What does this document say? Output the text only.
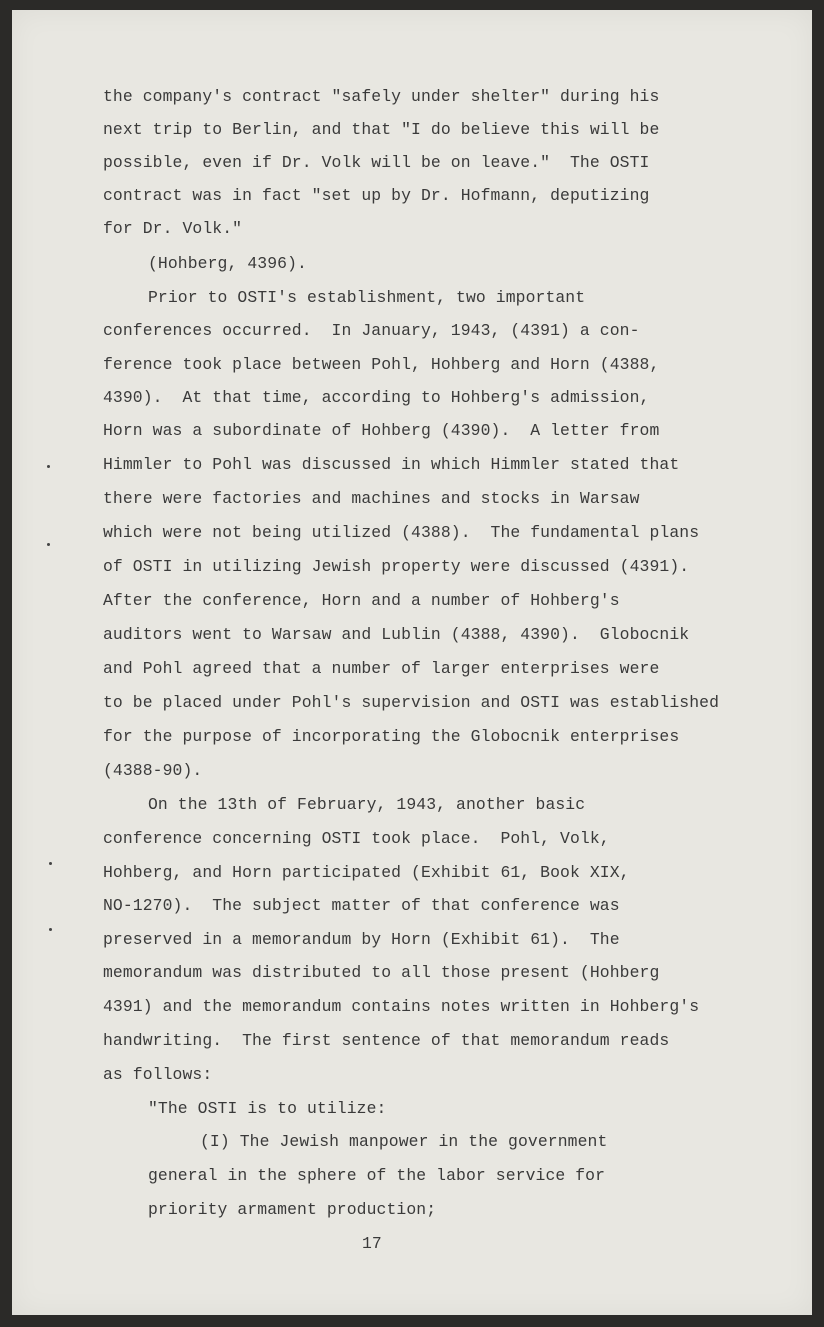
the company's contract "safely under shelter" during his
next trip to Berlin, and that "I do believe this will be
possible, even if Dr. Volk will be on leave."  The OSTI
contract was in fact "set up by Dr. Hofmann, deputizing
for Dr. Volk."
(Hohberg, 4396).
Prior to OSTI's establishment, two important
conferences occurred.  In January, 1943, (4391) a con-
ference took place between Pohl, Hohberg and Horn (4388,
4390).  At that time, according to Hohberg's admission,
Horn was a subordinate of Hohberg (4390).  A letter from
Himmler to Pohl was discussed in which Himmler stated that
there were factories and machines and stocks in Warsaw
which were not being utilized (4388).  The fundamental plans
of OSTI in utilizing Jewish property were discussed (4391).
After the conference, Horn and a number of Hohberg's
auditors went to Warsaw and Lublin (4388, 4390).  Globocnik
and Pohl agreed that a number of larger enterprises were
to be placed under Pohl's supervision and OSTI was established
for the purpose of incorporating the Globocnik enterprises
(4388-90).
On the 13th of February, 1943, another basic
conference concerning OSTI took place.  Pohl, Volk,
Hohberg, and Horn participated (Exhibit 61, Book XIX,
NO-1270).  The subject matter of that conference was
preserved in a memorandum by Horn (Exhibit 61).  The
memorandum was distributed to all those present (Hohberg
4391) and the memorandum contains notes written in Hohberg's
handwriting.  The first sentence of that memorandum reads
as follows:
"The OSTI is to utilize:
(I) The Jewish manpower in the government
general in the sphere of the labor service for
priority armament production;
17
